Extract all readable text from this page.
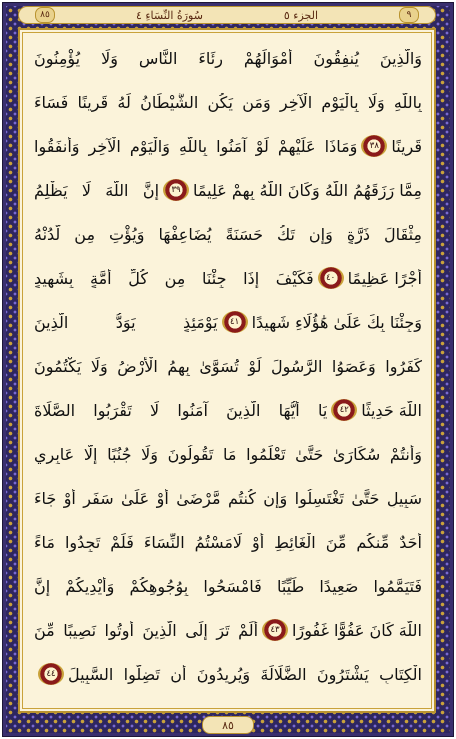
٨٥	سُورَةُ النِّسَاءِ ٤	الجزء ٥	٩
وَالَّذِينَ يُنفِقُونَ أَمْوَالَهُمْ رِئَاءَ النَّاسِ وَلَا يُؤْمِنُونَ
بِاللَّهِ وَلَا بِالْيَوْمِ الْآخِرِ وَمَن يَكُنِ الشَّيْطَانُ لَهُ قَرِينًا فَسَاءَ
قَرِينًا
٣٨
وَمَاذَا عَلَيْهِمْ لَوْ آمَنُوا بِاللَّهِ وَالْيَوْمِ الْآخِرِ وَأَنفَقُوا
مِمَّا رَزَقَهُمُ اللَّهُ وَكَانَ اللَّهُ بِهِمْ عَلِيمًا
٣٩
إِنَّ اللَّهَ لَا يَظْلِمُ
مِثْقَالَ ذَرَّةٍ وَإِن تَكُ حَسَنَةً يُضَاعِفْهَا وَيُؤْتِ مِن لَّدُنْهُ
أَجْرًا عَظِيمًا
٤٠
فَكَيْفَ إِذَا جِئْنَا مِن كُلِّ أُمَّةٍ بِشَهِيدٍ
وَجِئْنَا بِكَ عَلَىٰ هَٰؤُلَاءِ شَهِيدًا
٤١
يَوْمَئِذٍ يَوَدُّ الَّذِينَ
كَفَرُوا وَعَصَوُا الرَّسُولَ لَوْ تُسَوَّىٰ بِهِمُ الْأَرْضُ وَلَا يَكْتُمُونَ
اللَّهَ حَدِيثًا
٤٢
يَا أَيُّهَا الَّذِينَ آمَنُوا لَا تَقْرَبُوا الصَّلَاةَ
وَأَنتُمْ سُكَارَىٰ حَتَّىٰ تَعْلَمُوا مَا تَقُولُونَ وَلَا جُنُبًا إِلَّا عَابِرِي
سَبِيلٍ حَتَّىٰ تَغْتَسِلُوا وَإِن كُنتُم مَّرْضَىٰ أَوْ عَلَىٰ سَفَرٍ أَوْ جَاءَ
أَحَدٌ مِّنكُم مِّنَ الْغَائِطِ أَوْ لَامَسْتُمُ النِّسَاءَ فَلَمْ تَجِدُوا مَاءً
فَتَيَمَّمُوا صَعِيدًا طَيِّبًا فَامْسَحُوا بِوُجُوهِكُمْ وَأَيْدِيكُمْ إِنَّ
اللَّهَ كَانَ عَفُوًّا غَفُورًا
٤٣
أَلَمْ تَرَ إِلَى الَّذِينَ أُوتُوا نَصِيبًا مِّنَ
الْكِتَابِ يَشْتَرُونَ الضَّلَالَةَ وَيُرِيدُونَ أَن تَضِلُّوا السَّبِيلَ
٤٤
٨٥
